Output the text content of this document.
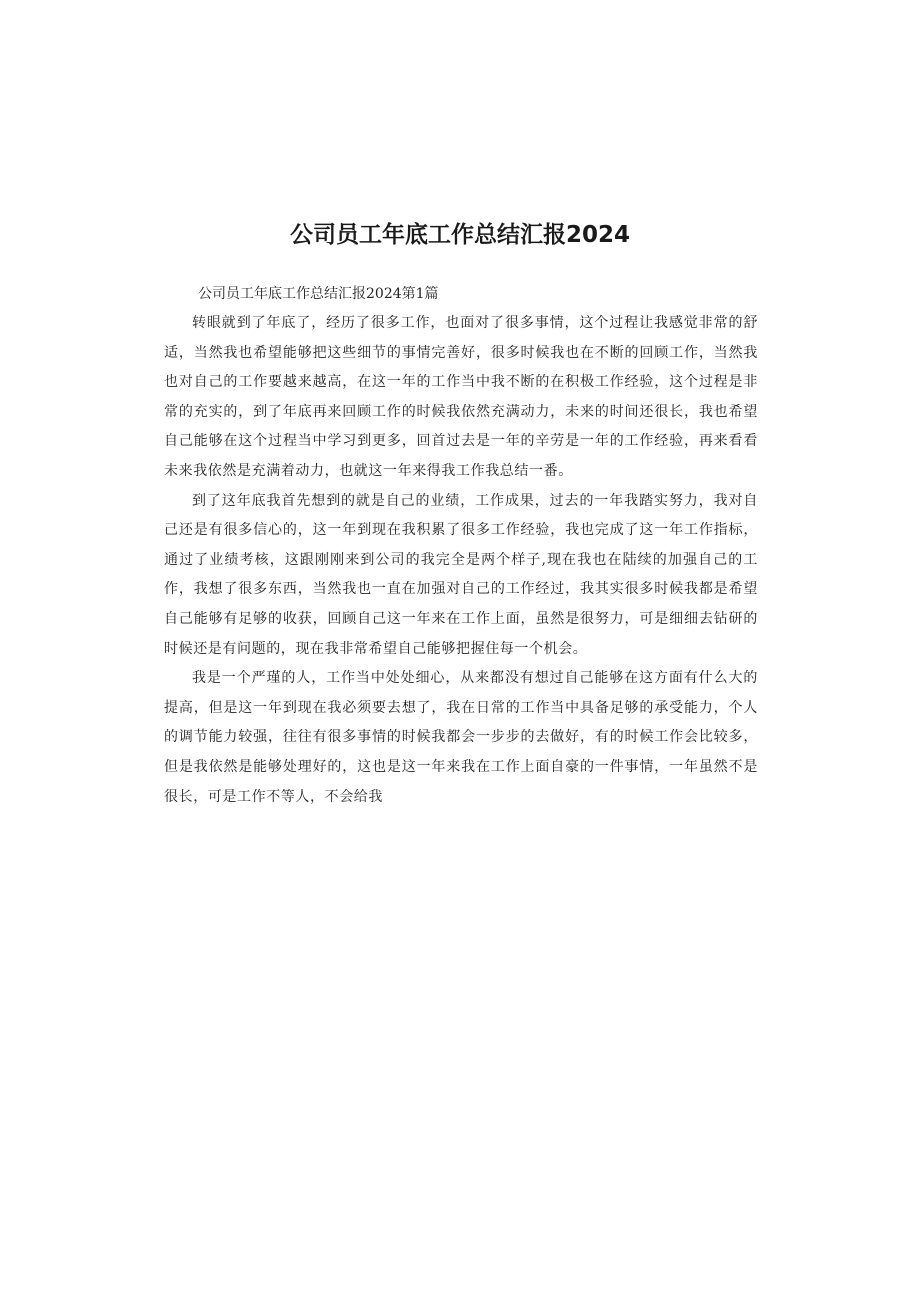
公司员工年底工作总结汇报2024

公司员工年底工作总结汇报2024第1篇

转眼就到了年底了，经历了很多工作，也面对了很多事情，这个过程让我感觉非常的舒适，当然我也希望能够把这些细节的事情完善好，很多时候我也在不断的回顾工作，当然我也对自己的工作要越来越高，在这一年的工作当中我不断的在积极工作经验，这个过程是非常的充实的，到了年底再来回顾工作的时候我依然充满动力，未来的时间还很长，我也希望自己能够在这个过程当中学习到更多，回首过去是一年的辛劳是一年的工作经验，再来看看未来我依然是充满着动力，也就这一年来得我工作我总结一番。

到了这年底我首先想到的就是自己的业绩，工作成果，过去的一年我踏实努力，我对自己还是有很多信心的，这一年到现在我积累了很多工作经验，我也完成了这一年工作指标，通过了业绩考核，这跟刚刚来到公司的我完全是两个样子,现在我也在陆续的加强自己的工作，我想了很多东西，当然我也一直在加强对自己的工作经过，我其实很多时候我都是希望自己能够有足够的收获，回顾自己这一年来在工作上面，虽然是很努力，可是细细去钻研的时候还是有问题的，现在我非常希望自己能够把握住每一个机会。

我是一个严瑾的人，工作当中处处细心，从来都没有想过自己能够在这方面有什么大的提高，但是这一年到现在我必须要去想了，我在日常的工作当中具备足够的承受能力，个人的调节能力较强，往往有很多事情的时候我都会一步步的去做好，有的时候工作会比较多，但是我依然是能够处理好的，这也是这一年来我在工作上面自豪的一件事情，一年虽然不是很长，可是工作不等人，不会给我
